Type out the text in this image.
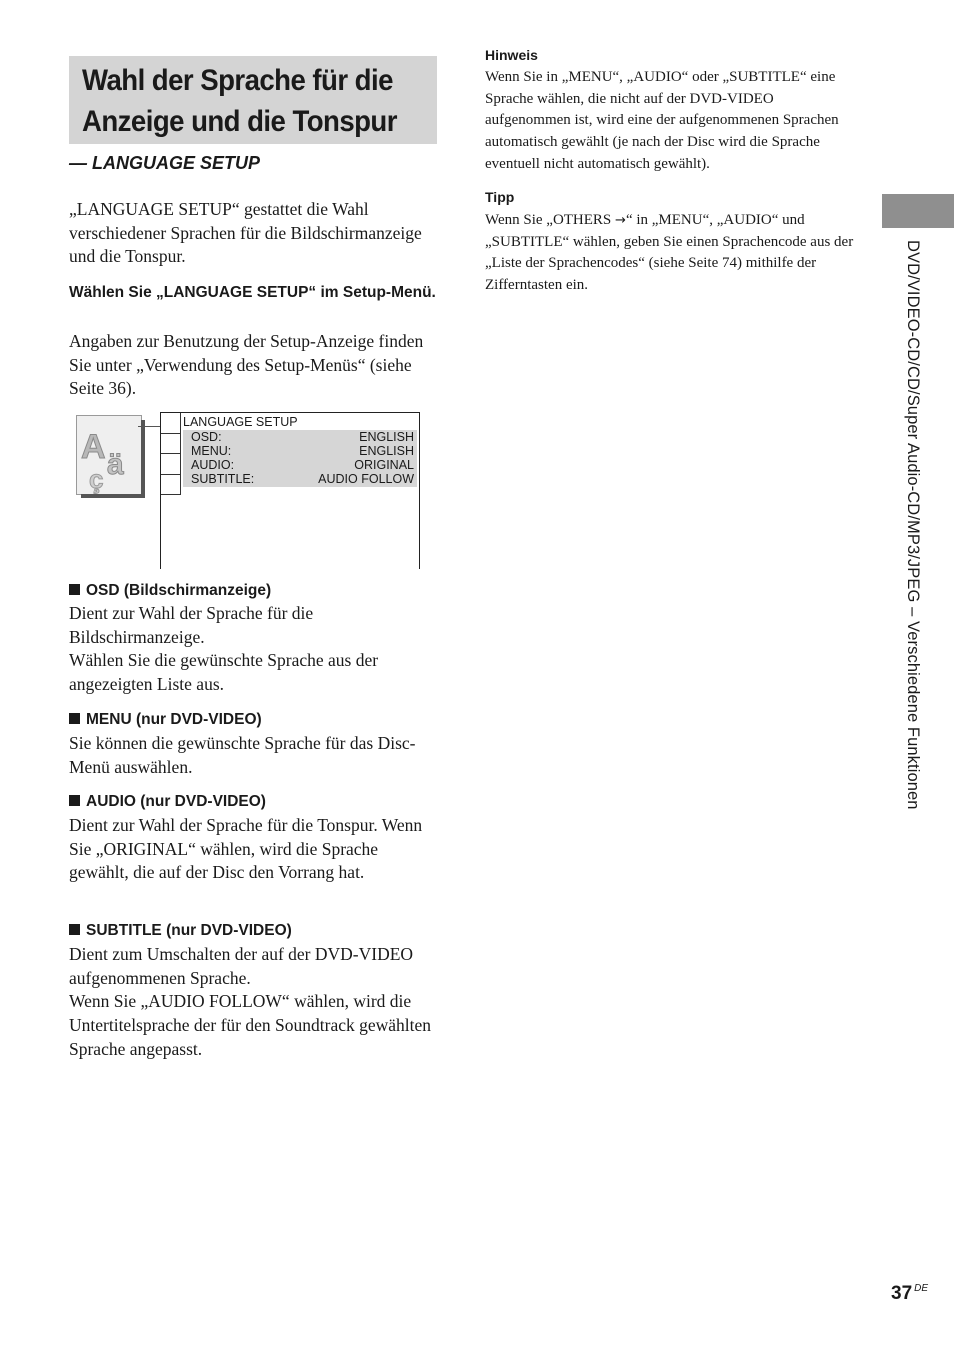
Wahl der Sprache für die
Anzeige und die Tonspur
— LANGUAGE SETUP
„LANGUAGE SETUP“ gestattet die Wahl verschiedener Sprachen für die Bildschirmanzeige und die Tonspur.
Wählen Sie „LANGUAGE SETUP“ im Setup-Menü.
Angaben zur Benutzung der Setup-Anzeige finden Sie unter „Verwendung des Setup-Menüs“ (siehe Seite 36).
A ä
ç
LANGUAGE SETUP
OSD:	ENGLISH
MENU:	ENGLISH
AUDIO:	ORIGINAL
SUBTITLE:	AUDIO FOLLOW
OSD (Bildschirmanzeige)
Dient zur Wahl der Sprache für die Bildschirmanzeige.
Wählen Sie die gewünschte Sprache aus der angezeigten Liste aus.
MENU (nur DVD-VIDEO)
Sie können die gewünschte Sprache für das Disc-Menü auswählen.
AUDIO (nur DVD-VIDEO)
Dient zur Wahl der Sprache für die Tonspur. Wenn Sie „ORIGINAL“ wählen, wird die Sprache gewählt, die auf der Disc den Vorrang hat.
SUBTITLE (nur DVD-VIDEO)
Dient zum Umschalten der auf der DVD-VIDEO aufgenommenen Sprache.
Wenn Sie „AUDIO FOLLOW“ wählen, wird die Untertitelsprache der für den Soundtrack gewählten Sprache angepasst.
Hinweis
Wenn Sie in „MENU“, „AUDIO“ oder „SUBTITLE“ eine Sprache wählen, die nicht auf der DVD-VIDEO aufgenommen ist, wird eine der aufgenommenen Sprachen automatisch gewählt (je nach der Disc wird die Sprache eventuell nicht automatisch gewählt).
Tipp
Wenn Sie „OTHERS →“ in „MENU“, „AUDIO“ und „SUBTITLE“ wählen, geben Sie einen Sprachencode aus der „Liste der Sprachencodes“ (siehe Seite 74) mithilfe der Zifferntasten ein.	DVD/VIDEO-CD/CD/Super Audio-CD/MP3/JPEG – Verschiedene Funktionen
37 $^{DE}$
